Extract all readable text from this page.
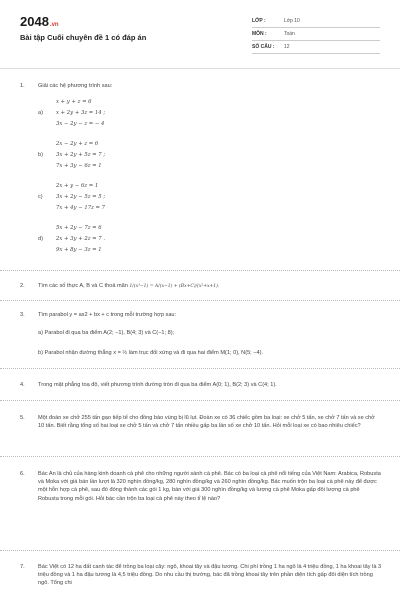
2048.vn
Bài tập Cuối chuyên đề 1 có đáp án
LỚP :	Lớp 10
MÔN :	Toán
SỐ CÂU :	12
1. Giải các hệ phương trình sau:
a)
x + y + z = 6
x + 2y + 3z = 14 ;
3x − 2y − z = − 4
b)
2x − 2y + z = 6
3x + 2y + 5z = 7 ;
7x + 3y − 6z = 1
c)
2x + y − 6z = 1
3x + 2y − 5z = 5 ;
7x + 4y − 17z = 7
d)
5x + 2y − 7z = 6
2x + 3y + 2z = 7 .
9x + 8y − 3z = 1
2. Tìm các số thực A, B và C thoả mãn 1/(x³−1) = A/(x−1) + (Bx+C)/(x²+x+1).
3. Tìm parabol y = ax2 + bx + c trong mỗi trường hợp sau:
a) Parabol đi qua ba điểm A(2; −1), B(4; 3) và C(−1; 8);
b) Parabol nhận đường thẳng x = ½ làm trục đối xứng và đi qua hai điểm M(1; 0), N(5; −4).
4. Trong mặt phẳng toạ độ, viết phương trình đường tròn đi qua ba điểm A(0; 1), B(2; 3) và C(4; 1).
5. Một đoàn xe chở 255 tấn gạo tiếp tế cho đồng bào vùng bị lũ lụt. Đoàn xe có 36 chiếc gồm ba loại: xe chở 5 tấn, xe chở 7 tấn và xe chở 10 tấn. Biết rằng tổng số hai loại xe chở 5 tấn và chở 7 tấn nhiều gấp ba lần số xe chở 10 tấn. Hỏi mỗi loại xe có bao nhiêu chiếc?
6. Bác An là chủ của hàng kinh doanh cà phê cho những người sành cà phê. Bác có ba loại cà phê nổi tiếng của Việt Nam: Arabica, Robusta và Moka với giá bán lần lượt là 320 nghìn đồng/kg, 280 nghìn đồng/kg và 260 nghìn đồng/kg. Bác muốn trộn ba loại cà phê này để được một hỗn hợp cà phê, sau đó đóng thành các gói 1 kg, bán với giá 300 nghìn đồng/kg và lượng cà phê Moka gấp đôi lượng cà phê Robusta trong mỗi gói. Hỏi bác cần trộn ba loại cà phê này theo tỉ lệ nào?
7. Bác Việt có 12 ha đất canh tác để trồng ba loại cây: ngô, khoai tây và đậu tương. Chi phí trồng 1 ha ngô là 4 triệu đồng, 1 ha khoai tây là 3 triệu đồng và 1 ha đậu tương là 4,5 triệu đồng. Do nhu cầu thị trường, bác đã trồng khoai tây trên phần diện tích gấp đôi diện tích trồng ngô. Tổng chi
